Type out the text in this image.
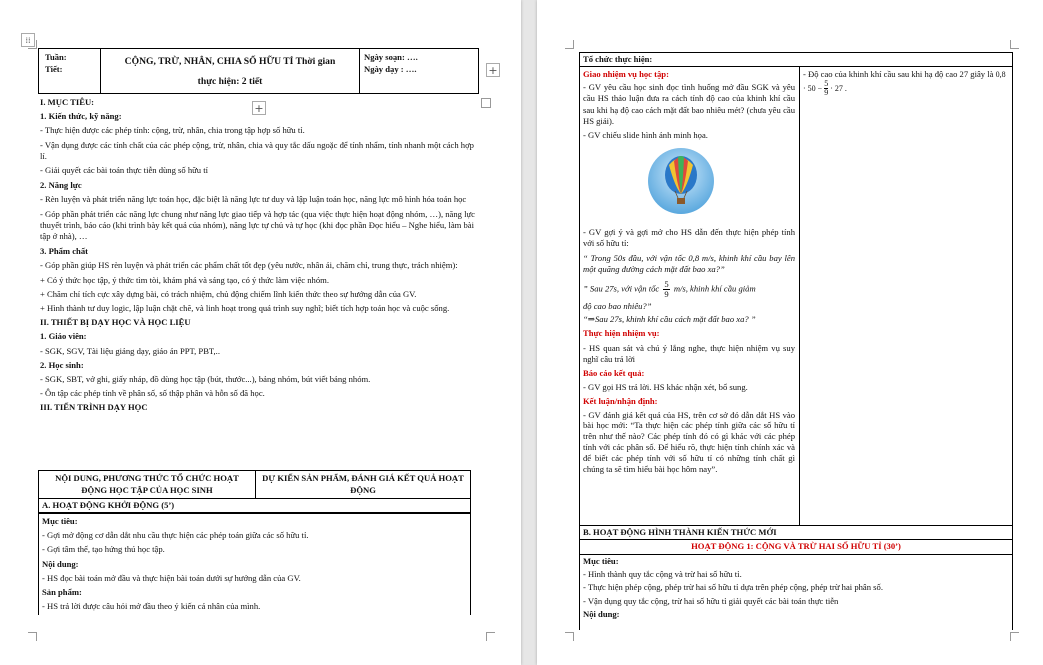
⁞⁞
Tuần:
Tiết:
CỘNG, TRỪ, NHÂN, CHIA SỐ HỮU TỈ Thời gian
thực hiện: 2 tiết
Ngày soạn: ….
Ngày dạy : ….	+
+

I. MỤC TIÊU:

1. Kiến thức, kỹ năng:

- Thực hiện được các phép tính: cộng, trừ, nhân, chia trong tập hợp số hữu tỉ.

- Vận dụng được các tính chất của các phép cộng, trừ, nhân, chia và quy tắc dấu ngoặc để tính nhẩm, tính nhanh một cách hợp lí.

- Giải quyết các bài toán thực tiễn dùng số hữu tỉ

2. Năng lực

- Rèn luyện và phát triển năng lực toán học, đặc biệt là năng lực tư duy và lập luận toán học, năng lực mô hình hóa toán học

- Góp phần phát triển các năng lực chung như năng lực giao tiếp và hợp tác (qua việc thực hiện hoạt động nhóm, …), năng lực thuyết trình, báo cáo (khi trình bày kết quả của nhóm), năng lực tự chủ và tự học (khi đọc phần Đọc hiểu – Nghe hiểu, làm bài tập ở nhà), …

3. Phẩm chất

- Góp phần giúp HS rèn luyện và phát triển các phẩm chất tốt đẹp (yêu nước, nhân ái, chăm chỉ, trung thực, trách nhiệm):

+ Có ý thức học tập, ý thức tìm tòi, khám phá và sáng tạo, có ý thức làm việc nhóm.

+ Chăm chỉ tích cực xây dựng bài, có trách nhiệm, chủ động chiếm lĩnh kiến thức theo sự hướng dẫn của GV.

+ Hình thành tư duy logic, lập luận chặt chẽ, và linh hoạt trong quá trình suy nghĩ; biết tích hợp toán học và cuộc sống.

II. THIẾT BỊ DẠY HỌC VÀ HỌC LIỆU

1. Giáo viên:

- SGK, SGV, Tài liệu giảng dạy, giáo án PPT, PBT,..

2. Học sinh:

- SGK, SBT, vở ghi, giấy nháp, đồ dùng học tập (bút, thước...), bảng nhóm, bút viết bảng nhóm.

- Ôn tập các phép tính về phân số, số thập phân và hỗn số đã học.

III. TIẾN TRÌNH DẠY HỌC

NỘI DUNG, PHƯƠNG THỨC TỔ CHỨC HOẠT ĐỘNG HỌC TẬP CỦA HỌC SINH
DỰ KIẾN SẢN PHẨM, ĐÁNH GIÁ KẾT QUẢ HOẠT ĐỘNG
A. HOẠT ĐỘNG KHỞI ĐỘNG (5’)

Mục tiêu:

- Gợi mở động cơ dẫn dắt nhu cầu thực hiện các phép toán giữa các số hữu tỉ.

- Gợi tâm thế, tạo hứng thú học tập.

Nội dung:

- HS đọc bài toán mở đầu và thực hiện bài toán dưới sự hướng dẫn của GV.

Sản phẩm:

- HS trả lời được câu hỏi mở đầu theo ý kiến cá nhân của mình.

Tổ chức thực hiện:

Giao nhiệm vụ học tập:

- GV yêu cầu học sinh đọc tình huống mở đầu SGK và yêu cầu HS thảo luận đưa ra cách tính độ cao của khinh khí cầu sau khi hạ độ cao cách mặt đất bao nhiêu mét? (chưa yêu cầu HS giải).

- GV chiếu slide hình ảnh minh họa.

- GV gợi ý và gợi mở cho HS dẫn đến thực hiện phép tính với số hữu tỉ:

“ Trong 50s đầu, với vận tốc 0,8 m/s, khinh khí cầu bay lên một quãng đường cách mặt đất bao xa?”

” Sau 27s, với vận tốc $\frac{5}{9} m/s$, khinh khí cầu giảm

độ cao bao nhiêu?”

“⇒Sau 27s, khinh khí cầu cách mặt đất bao xa? ”

Thực hiện nhiệm vụ:

- HS quan sát và chú ý lắng nghe, thực hiện nhiệm vụ suy nghĩ câu trả lời

Báo cáo kết quả:

- GV gọi HS trả lời. HS khác nhận xét, bổ sung.

Kết luận/nhận định:

- GV đánh giá kết quả của HS, trên cơ sở đó dẫn dắt HS vào bài học mới: “Ta thực hiện các phép tính giữa các số hữu tỉ trên như thế nào? Các phép tính đó có gì khác với các phép tính với các phân số. Để hiểu rõ, thực hiện tính chính xác và để biết các phép tính với số hữu tỉ có những tính chất gì chúng ta sẽ tìm hiểu bài học hôm nay”.

- Độ cao của khinh khí cầu sau khi hạ độ cao 27 giây là $0,8 \cdot 50 - \frac{5}{9} \cdot 27$ .
B. HOẠT ĐỘNG HÌNH THÀNH KIẾN THỨC MỚI
HOẠT ĐỘNG 1: CỘNG VÀ TRỪ HAI SỐ HỮU TỈ (30’)

Mục tiêu:

- Hình thành quy tắc cộng và trừ hai số hữu tỉ.

- Thực hiện phép cộng, phép trừ hai số hữu tỉ dựa trên phép cộng, phép trừ hai phân số.

- Vận dụng quy tắc cộng, trừ hai số hữu tỉ giải quyết các bài toán thực tiễn

Nội dung:
